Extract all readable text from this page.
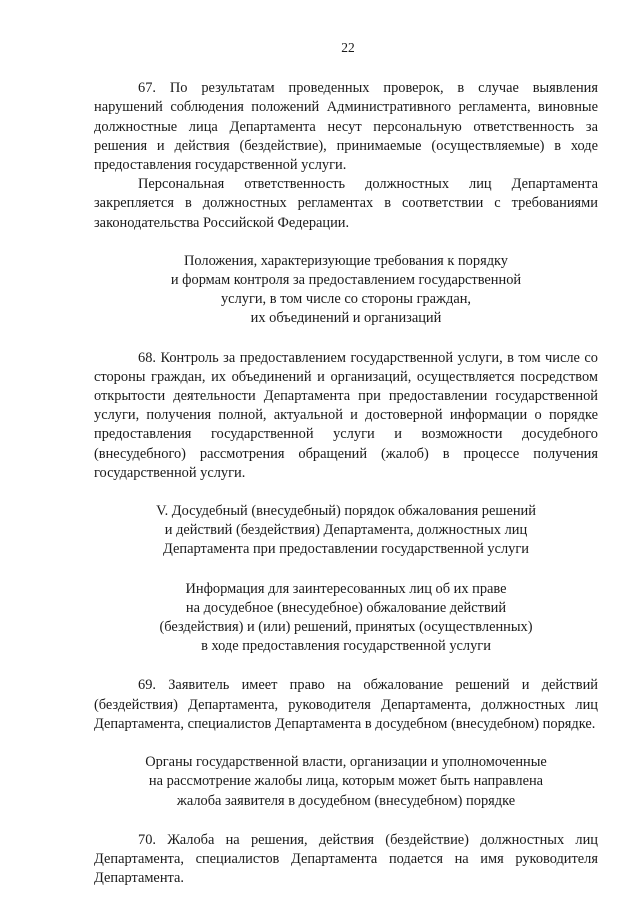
22

67. По результатам проведенных проверок, в случае выявления нарушений соблюдения положений Административного регламента, виновные должностные лица Департамента несут персональную ответственность за решения и действия (бездействие), принимаемые (осуществляемые) в ходе предоставления государственной услуги.

Персональная ответственность должностных лиц Департамента закрепляется в должностных регламентах в соответствии с требованиями законодательства Российской Федерации.

Положения, характеризующие требования к порядку
и формам контроля за предоставлением государственной
услуги, в том числе со стороны граждан,
их объединений и организаций

68. Контроль за предоставлением государственной услуги, в том числе со стороны граждан, их объединений и организаций, осуществляется посредством открытости деятельности Департамента при предоставлении государственной услуги, получения полной, актуальной и достоверной информации о порядке предоставления государственной услуги и возможности досудебного (внесудебного) рассмотрения обращений (жалоб) в процессе получения государственной услуги.

V. Досудебный (внесудебный) порядок обжалования решений
и действий (бездействия) Департамента, должностных лиц
Департамента при предоставлении государственной услуги
Информация для заинтересованных лиц об их праве
на досудебное (внесудебное) обжалование действий
(бездействия) и (или) решений, принятых (осуществленных)
в ходе предоставления государственной услуги

69. Заявитель имеет право на обжалование решений и действий (бездействия) Департамента, руководителя Департамента, должностных лиц Департамента, специалистов Департамента в досудебном (внесудебном) порядке.

Органы государственной власти, организации и уполномоченные
на рассмотрение жалобы лица, которым может быть направлена
жалоба заявителя в досудебном (внесудебном) порядке

70. Жалоба на решения, действия (бездействие) должностных лиц Департамента, специалистов Департамента подается на имя руководителя Департамента.
